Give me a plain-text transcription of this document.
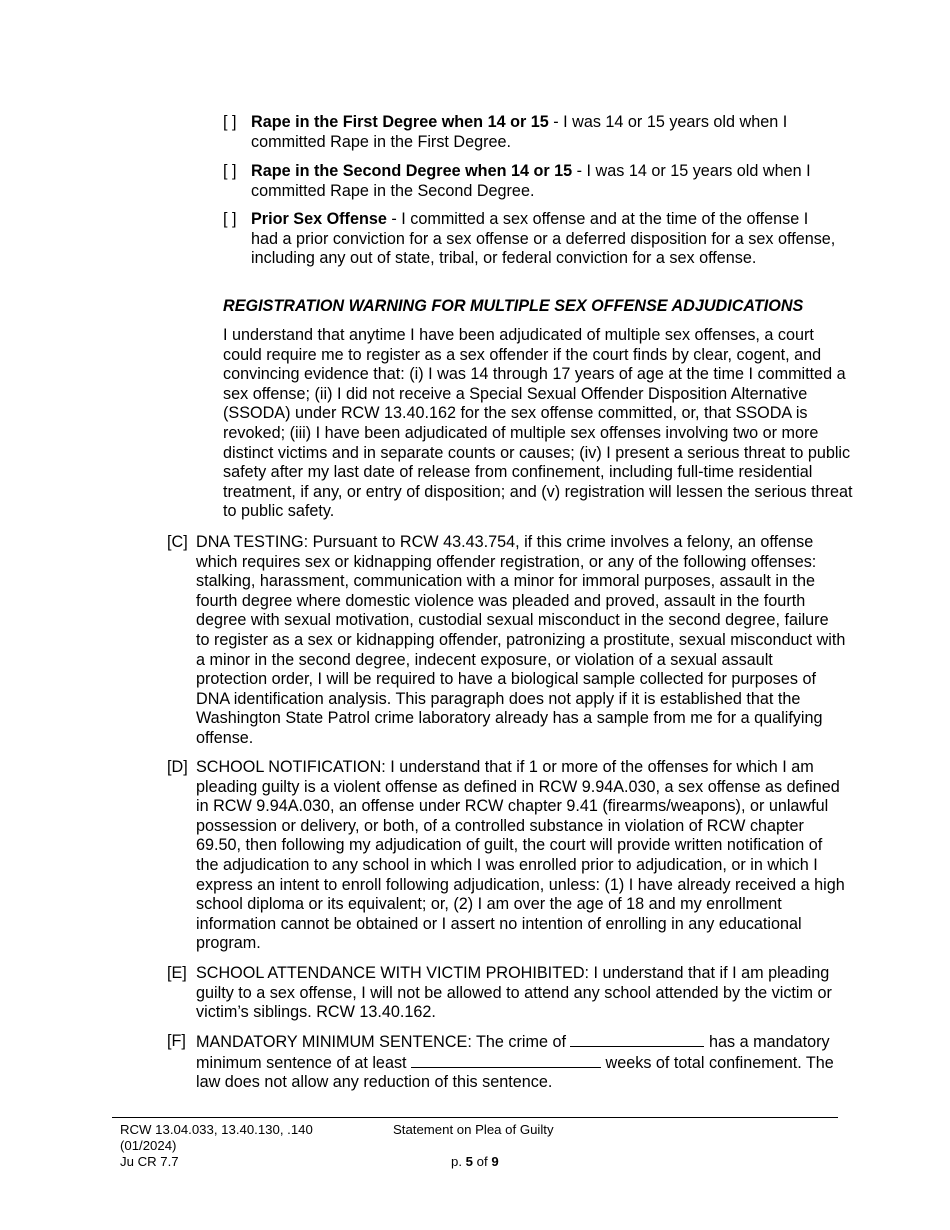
[ ] Rape in the First Degree when 14 or 15 - I was 14 or 15 years old when I committed Rape in the First Degree.
[ ] Rape in the Second Degree when 14 or 15 - I was 14 or 15 years old when I committed Rape in the Second Degree.
[ ] Prior Sex Offense - I committed a sex offense and at the time of the offense I had a prior conviction for a sex offense or a deferred disposition for a sex offense, including any out of state, tribal, or federal conviction for a sex offense.
REGISTRATION WARNING FOR MULTIPLE SEX OFFENSE ADJUDICATIONS
I understand that anytime I have been adjudicated of multiple sex offenses, a court could require me to register as a sex offender if the court finds by clear, cogent, and convincing evidence that: (i) I was 14 through 17 years of age at the time I committed a sex offense; (ii) I did not receive a Special Sexual Offender Disposition Alternative (SSODA) under RCW 13.40.162 for the sex offense committed, or, that SSODA is revoked; (iii) I have been adjudicated of multiple sex offenses involving two or more distinct victims and in separate counts or causes; (iv) I present a serious threat to public safety after my last date of release from confinement, including full-time residential treatment, if any, or entry of disposition; and (v) registration will lessen the serious threat to public safety.
[C] DNA TESTING: Pursuant to RCW 43.43.754, if this crime involves a felony, an offense which requires sex or kidnapping offender registration, or any of the following offenses: stalking, harassment, communication with a minor for immoral purposes, assault in the fourth degree where domestic violence was pleaded and proved, assault in the fourth degree with sexual motivation, custodial sexual misconduct in the second degree, failure to register as a sex or kidnapping offender, patronizing a prostitute, sexual misconduct with a minor in the second degree, indecent exposure, or violation of a sexual assault protection order, I will be required to have a biological sample collected for purposes of DNA identification analysis. This paragraph does not apply if it is established that the Washington State Patrol crime laboratory already has a sample from me for a qualifying offense.
[D] SCHOOL NOTIFICATION: I understand that if 1 or more of the offenses for which I am pleading guilty is a violent offense as defined in RCW 9.94A.030, a sex offense as defined in RCW 9.94A.030, an offense under RCW chapter 9.41 (firearms/weapons), or unlawful possession or delivery, or both, of a controlled substance in violation of RCW chapter 69.50, then following my adjudication of guilt, the court will provide written notification of the adjudication to any school in which I was enrolled prior to adjudication, or in which I express an intent to enroll following adjudication, unless: (1) I have already received a high school diploma or its equivalent; or, (2) I am over the age of 18 and my enrollment information cannot be obtained or I assert no intention of enrolling in any educational program.
[E] SCHOOL ATTENDANCE WITH VICTIM PROHIBITED: I understand that if I am pleading guilty to a sex offense, I will not be allowed to attend any school attended by the victim or victim’s siblings. RCW 13.40.162.
[F] MANDATORY MINIMUM SENTENCE: The crime of	has a mandatory minimum sentence of at least	weeks of total confinement. The law does not allow any reduction of this sentence.
RCW 13.04.033, 13.40.130, .140
(01/2024)
Ju CR 7.7
Statement on Plea of Guilty
p. 5 of 9
